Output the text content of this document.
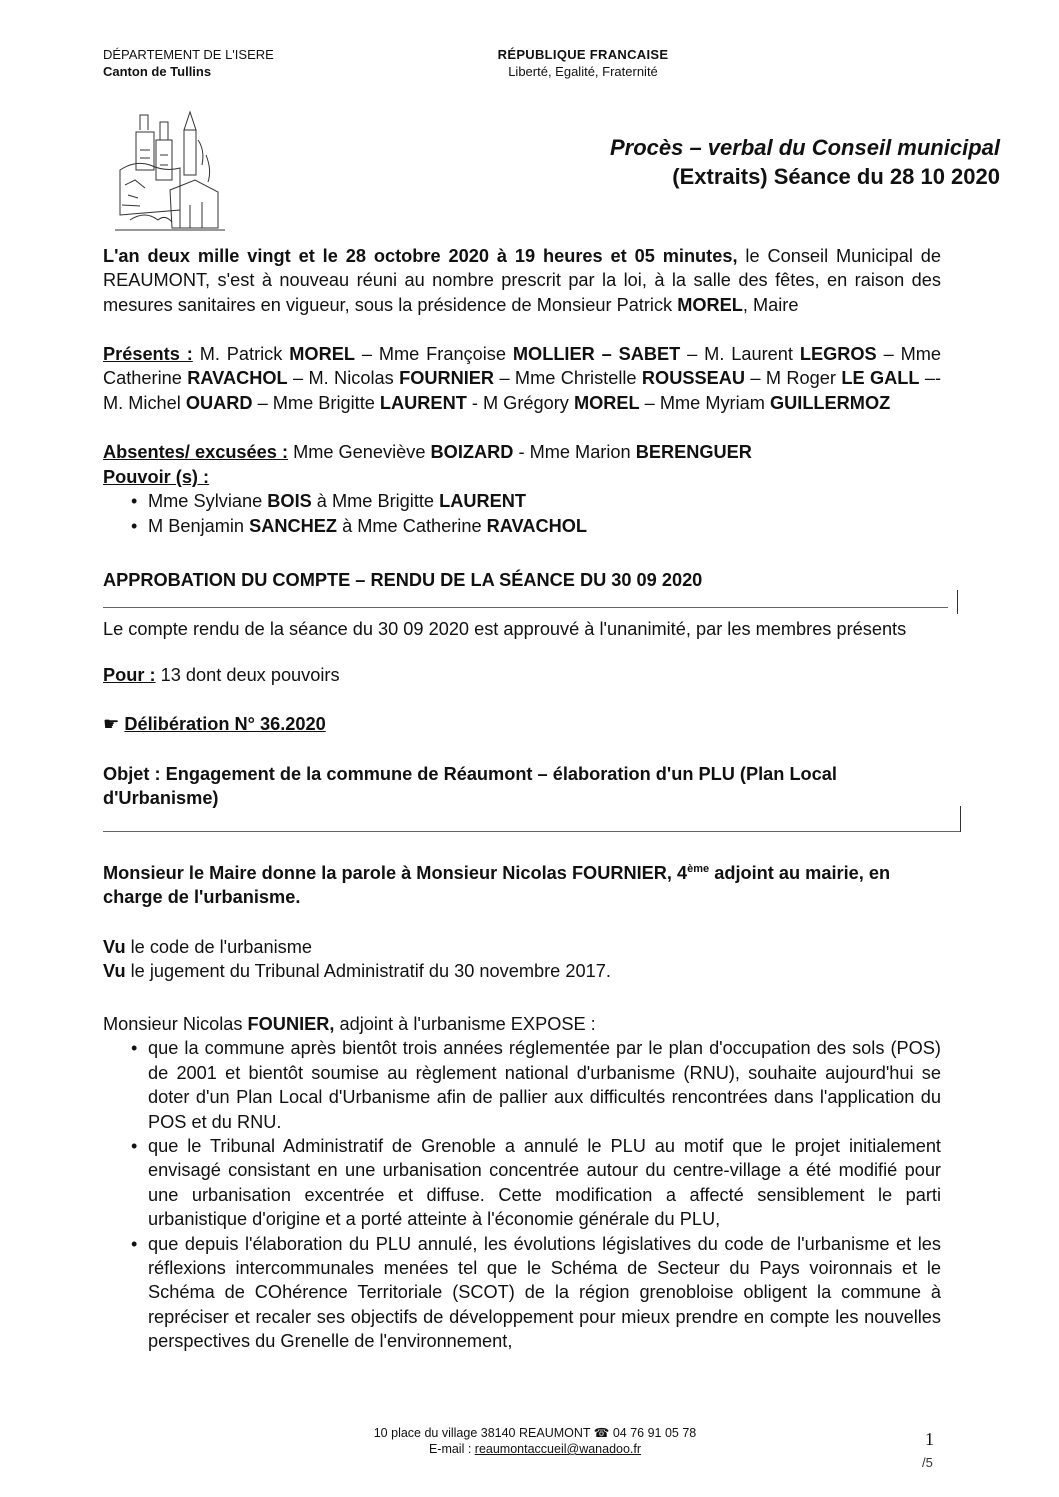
DÉPARTEMENT DE L'ISERE
Canton de Tullins
RÉPUBLIQUE FRANCAISE
Liberté, Egalité, Fraternité
Procès – verbal du Conseil municipal
(Extraits) Séance du 28 10 2020
L'an deux mille vingt et le 28 octobre 2020 à 19 heures et 05 minutes, le Conseil Municipal de REAUMONT, s'est à nouveau réuni au nombre prescrit par la loi, à la salle des fêtes, en raison des mesures sanitaires en vigueur, sous la présidence de Monsieur Patrick MOREL, Maire
Présents : M. Patrick MOREL – Mme Françoise MOLLIER – SABET – M. Laurent LEGROS – Mme Catherine RAVACHOL – M. Nicolas FOURNIER – Mme Christelle ROUSSEAU – M Roger LE GALL –- M. Michel OUARD – Mme Brigitte LAURENT - M Grégory MOREL – Mme Myriam GUILLERMOZ
Absentes/ excusées : Mme Geneviève BOIZARD - Mme Marion BERENGUER
Pouvoir (s) :
• Mme Sylviane BOIS à Mme Brigitte LAURENT
• M Benjamin SANCHEZ à Mme Catherine RAVACHOL
APPROBATION DU COMPTE – RENDU DE LA SÉANCE DU 30 09 2020
Le compte rendu de la séance du 30 09 2020 est approuvé à l'unanimité, par les membres présents
Pour : 13 dont deux pouvoirs
☛ Délibération N° 36.2020
Objet : Engagement de la commune de Réaumont – élaboration d'un PLU (Plan Local d'Urbanisme)
Monsieur le Maire donne la parole à Monsieur Nicolas FOURNIER, 4ème adjoint au mairie, en charge de l'urbanisme.
Vu le code de l'urbanisme
Vu le jugement du Tribunal Administratif du 30 novembre 2017.
Monsieur Nicolas FOUNIER, adjoint à l'urbanisme EXPOSE :
• que la commune après bientôt trois années réglementée par le plan d'occupation des sols (POS) de 2001 et bientôt soumise au règlement national d'urbanisme (RNU), souhaite aujourd'hui se doter d'un Plan Local d'Urbanisme afin de pallier aux difficultés rencontrées dans l'application du POS et du RNU.
• que le Tribunal Administratif de Grenoble a annulé le PLU au motif que le projet initialement envisagé consistant en une urbanisation concentrée autour du centre-village a été modifié pour une urbanisation excentrée et diffuse. Cette modification a affecté sensiblement le parti urbanistique d'origine et a porté atteinte à l'économie générale du PLU,
• que depuis l'élaboration du PLU annulé, les évolutions législatives du code de l'urbanisme et les réflexions intercommunales menées tel que le Schéma de Secteur du Pays voironnais et le Schéma de COhérence Territoriale (SCOT) de la région grenobloise obligent la commune à repréciser et recaler ses objectifs de développement pour mieux prendre en compte les nouvelles perspectives du Grenelle de l'environnement,
10 place du village 38140 REAUMONT ☎ 04 76 91 05 78
E-mail : reaumontaccueil@wanadoo.fr	1
/5
